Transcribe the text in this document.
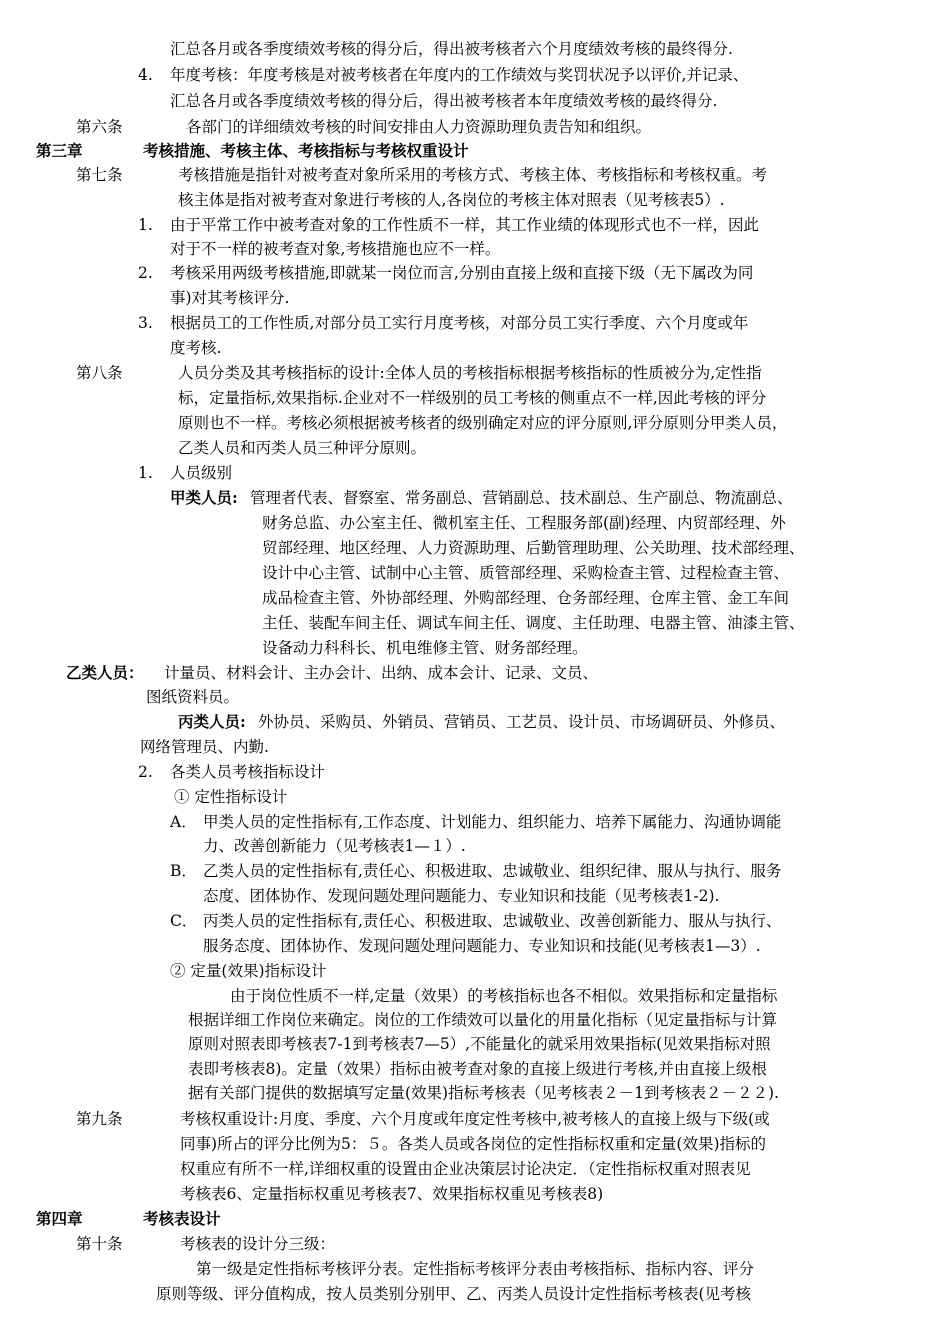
汇总各月或各季度绩效考核的得分后，得出被考核者六个月度绩效考核的最终得分.
4. 年度考核：年度考核是对被考核者在年度内的工作绩效与奖罚状况予以评价,并记录、
汇总各月或各季度绩效考核的得分后，得出被考核者本年度绩效考核的最终得分.
第六条	各部门的详细绩效考核的时间安排由人力资源助理负责告知和组织。
第三章	考核措施、考核主体、考核指标与考核权重设计
第七条	考核措施是指针对被考查对象所采用的考核方式、考核主体、考核指标和考核权重。考
核主体是指对被考查对象进行考核的人,各岗位的考核主体对照表（见考核表5）.
1. 由于平常工作中被考查对象的工作性质不一样，其工作业绩的体现形式也不一样，因此
对于不一样的被考查对象,考核措施也应不一样。
2. 考核采用两级考核措施,即就某一岗位而言,分别由直接上级和直接下级（无下属改为同
事)对其考核评分.
3. 根据员工的工作性质,对部分员工实行月度考核，对部分员工实行季度、六个月度或年
度考核.
第八条	人员分类及其考核指标的设计:全体人员的考核指标根据考核指标的性质被分为,定性指
标，定量指标,效果指标.企业对不一样级别的员工考核的侧重点不一样,因此考核的评分
原则也不一样。考核必须根据被考核者的级别确定对应的评分原则,评分原则分甲类人员，
乙类人员和丙类人员三种评分原则。
1. 人员级别
甲类人员: 管理者代表、督察室、常务副总、营销副总、技术副总、生产副总、物流副总、
财务总监、办公室主任、微机室主任、工程服务部(副)经理、内贸部经理、外
贸部经理、地区经理、人力资源助理、后勤管理助理、公关助理、技术部经理、
设计中心主管、试制中心主管、质管部经理、采购检查主管、过程检查主管、
成品检查主管、外协部经理、外购部经理、仓务部经理、仓库主管、金工车间
主任、装配车间主任、调试车间主任、调度、主任助理、电器主管、油漆主管、
设备动力科科长、机电维修主管、财务部经理。
乙类人员： 计量员、材料会计、主办会计、出纳、成本会计、记录、文员、
图纸资料员。
丙类人员: 外协员、采购员、外销员、营销员、工艺员、设计员、市场调研员、外修员、
网络管理员、内勤.
2. 各类人员考核指标设计
① 定性指标设计
A． 甲类人员的定性指标有,工作态度、计划能力、组织能力、培养下属能力、沟通协调能
力、改善创新能力（见考核表1—１）.
B． 乙类人员的定性指标有,责任心、积极进取、忠诚敬业、组织纪律、服从与执行、服务
态度、团体协作、发现问题处理问题能力、专业知识和技能（见考核表1-2).
C． 丙类人员的定性指标有,责任心、积极进取、忠诚敬业、改善创新能力、服从与执行、
服务态度、团体协作、发现问题处理问题能力、专业知识和技能(见考核表1—3）.
② 定量(效果)指标设计
由于岗位性质不一样,定量（效果）的考核指标也各不相似。效果指标和定量指标
根据详细工作岗位来确定。岗位的工作绩效可以量化的用量化指标（见定量指标与计算
原则对照表即考核表7-1到考核表7—5）,不能量化的就采用效果指标(见效果指标对照
表即考核表8)。定量（效果）指标由被考查对象的直接上级进行考核,并由直接上级根
据有关部门提供的数据填写定量(效果)指标考核表（见考核表２－1到考核表２－２２).
第九条	考核权重设计:月度、季度、六个月度或年度定性考核中,被考核人的直接上级与下级(或
同事)所占的评分比例为5：５。各类人员或各岗位的定性指标权重和定量(效果)指标的
权重应有所不一样,详细权重的设置由企业决策层讨论决定．（定性指标权重对照表见
考核表6、定量指标权重见考核表7、效果指标权重见考核表8)
第四章	考核表设计
第十条	考核表的设计分三级：
第一级是定性指标考核评分表。定性指标考核评分表由考核指标、指标内容、评分
原则等级、评分值构成，按人员类别分别甲、乙、丙类人员设计定性指标考核表(见考核
